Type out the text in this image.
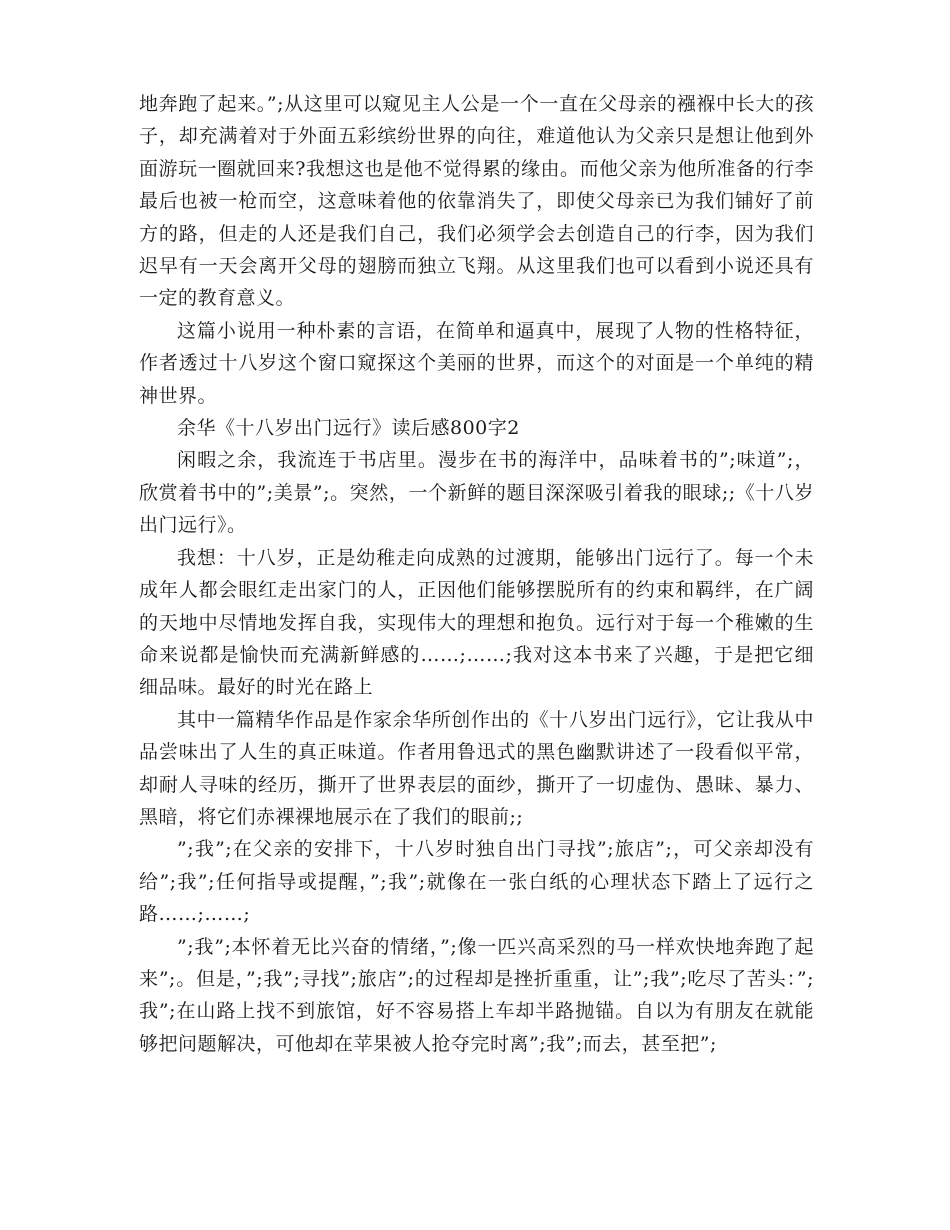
地奔跑了起来。”;从这里可以窥见主人公是一个一直在父母亲的襁褓中长大的孩子，却充满着对于外面五彩缤纷世界的向往，难道他认为父亲只是想让他到外面游玩一圈就回来?我想这也是他不觉得累的缘由。而他父亲为他所准备的行李最后也被一枪而空，这意味着他的依靠消失了，即使父母亲已为我们铺好了前方的路，但走的人还是我们自己，我们必须学会去创造自己的行李，因为我们迟早有一天会离开父母的翅膀而独立飞翔。从这里我们也可以看到小说还具有一定的教育意义。

这篇小说用一种朴素的言语，在简单和逼真中，展现了人物的性格特征，作者透过十八岁这个窗口窥探这个美丽的世界，而这个的对面是一个单纯的精神世界。

余华《十八岁出门远行》读后感800字2

闲暇之余，我流连于书店里。漫步在书的海洋中，品味着书的”;味道”;，欣赏着书中的”;美景”;。突然，一个新鲜的题目深深吸引着我的眼球;;《十八岁出门远行》。

我想：十八岁，正是幼稚走向成熟的过渡期，能够出门远行了。每一个未成年人都会眼红走出家门的人，正因他们能够摆脱所有的约束和羁绊，在广阔的天地中尽情地发挥自我，实现伟大的理想和抱负。远行对于每一个稚嫩的生命来说都是愉快而充满新鲜感的……;……;我对这本书来了兴趣，于是把它细细品味。最好的时光在路上

其中一篇精华作品是作家余华所创作出的《十八岁出门远行》，它让我从中品尝味出了人生的真正味道。作者用鲁迅式的黑色幽默讲述了一段看似平常，却耐人寻味的经历，撕开了世界表层的面纱，撕开了一切虚伪、愚昧、暴力、黑暗，将它们赤裸裸地展示在了我们的眼前;;

”;我”;在父亲的安排下，十八岁时独自出门寻找”;旅店”;，可父亲却没有给”;我”;任何指导或提醒，”;我”;就像在一张白纸的心理状态下踏上了远行之路……;……;

”;我”;本怀着无比兴奋的情绪，”;像一匹兴高采烈的马一样欢快地奔跑了起来”;。但是，”;我”;寻找”;旅店”;的过程却是挫折重重，让”;我”;吃尽了苦头：”;我”;在山路上找不到旅馆，好不容易搭上车却半路抛锚。自以为有朋友在就能够把问题解决，可他却在苹果被人抢夺完时离”;我”;而去，甚至把”;
